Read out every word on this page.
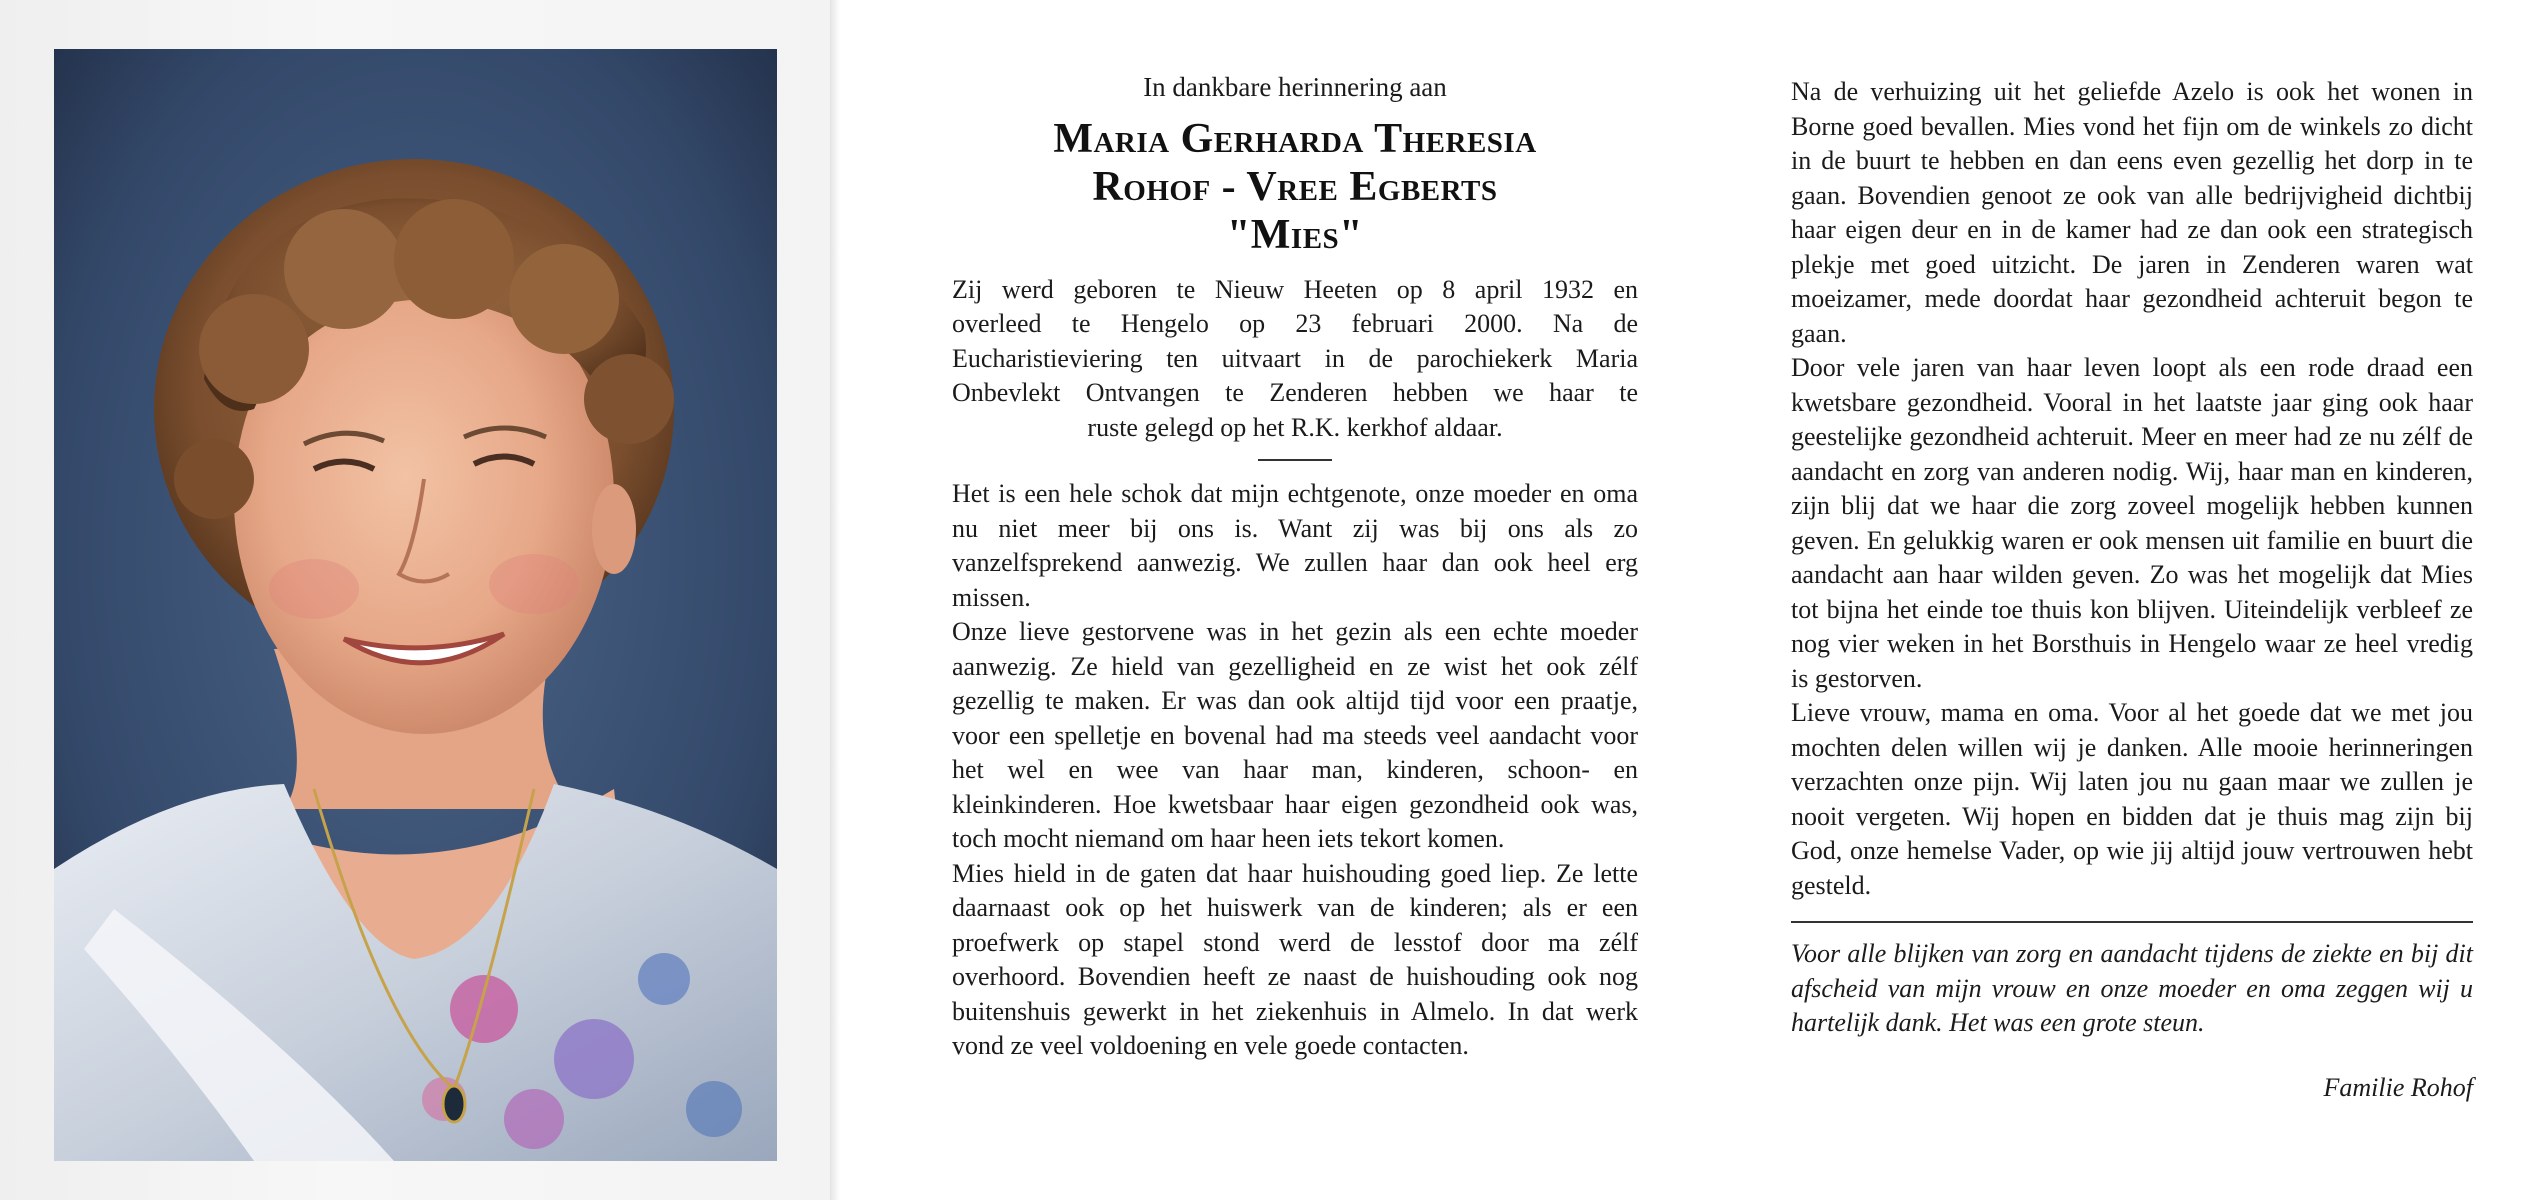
In dankbare herinnering aan

Maria Gerharda Theresia
Rohof - Vree Egberts
"Mies"

Zij werd geboren te Nieuw Heeten op 8 april 1932 en

overleed te Hengelo op 23 februari 2000. Na de

Eucharistieviering ten uitvaart in de parochiekerk Maria

Onbevlekt Ontvangen te Zenderen hebben we haar te

ruste gelegd op het R.K. kerkhof aldaar.

Het is een hele schok dat mijn echtgenote, onze moeder en oma nu niet meer bij ons is. Want zij was bij ons als zo vanzelfsprekend aanwezig. We zullen haar dan ook heel erg missen.

Onze lieve gestorvene was in het gezin als een echte moeder aanwezig. Ze hield van gezelligheid en ze wist het ook zélf gezellig te maken. Er was dan ook altijd tijd voor een praatje, voor een spelletje en bovenal had ma steeds veel aandacht voor het wel en wee van haar man, kinderen, schoon- en kleinkinderen. Hoe kwetsbaar haar eigen gezondheid ook was, toch mocht niemand om haar heen iets tekort komen.

Mies hield in de gaten dat haar huishouding goed liep. Ze lette daarnaast ook op het huiswerk van de kinderen; als er een proefwerk op stapel stond werd de lesstof door ma zélf overhoord. Bovendien heeft ze naast de huishouding ook nog buitenshuis gewerkt in het ziekenhuis in Almelo. In dat werk vond ze veel voldoening en vele goede contacten.

Na de verhuizing uit het geliefde Azelo is ook het wonen in Borne goed bevallen. Mies vond het fijn om de winkels zo dicht in de buurt te hebben en dan eens even gezellig het dorp in te gaan. Bovendien genoot ze ook van alle bedrijvigheid dichtbij haar eigen deur en in de kamer had ze dan ook een strategisch plekje met goed uitzicht. De jaren in Zenderen waren wat moeizamer, mede doordat haar gezondheid achteruit begon te gaan.

Door vele jaren van haar leven loopt als een rode draad een kwetsbare gezondheid. Vooral in het laatste jaar ging ook haar geestelijke gezondheid achteruit. Meer en meer had ze nu zélf de aandacht en zorg van anderen nodig. Wij, haar man en kinderen, zijn blij dat we haar die zorg zoveel mogelijk hebben kunnen geven. En gelukkig waren er ook mensen uit familie en buurt die aandacht aan haar wilden geven. Zo was het mogelijk dat Mies tot bijna het einde toe thuis kon blijven. Uiteindelijk verbleef ze nog vier weken in het Borsthuis in Hengelo waar ze heel vredig is gestorven.

Lieve vrouw, mama en oma. Voor al het goede dat we met jou mochten delen willen wij je danken. Alle mooie herinneringen verzachten onze pijn. Wij laten jou nu gaan maar we zullen je nooit vergeten. Wij hopen en bidden dat je thuis mag zijn bij God, onze hemelse Vader, op wie jij altijd jouw vertrouwen hebt gesteld.

Voor alle blijken van zorg en aandacht tijdens de ziekte en bij dit afscheid van mijn vrouw en onze moeder en oma zeggen wij u hartelijk dank. Het was een grote steun.

Familie Rohof
